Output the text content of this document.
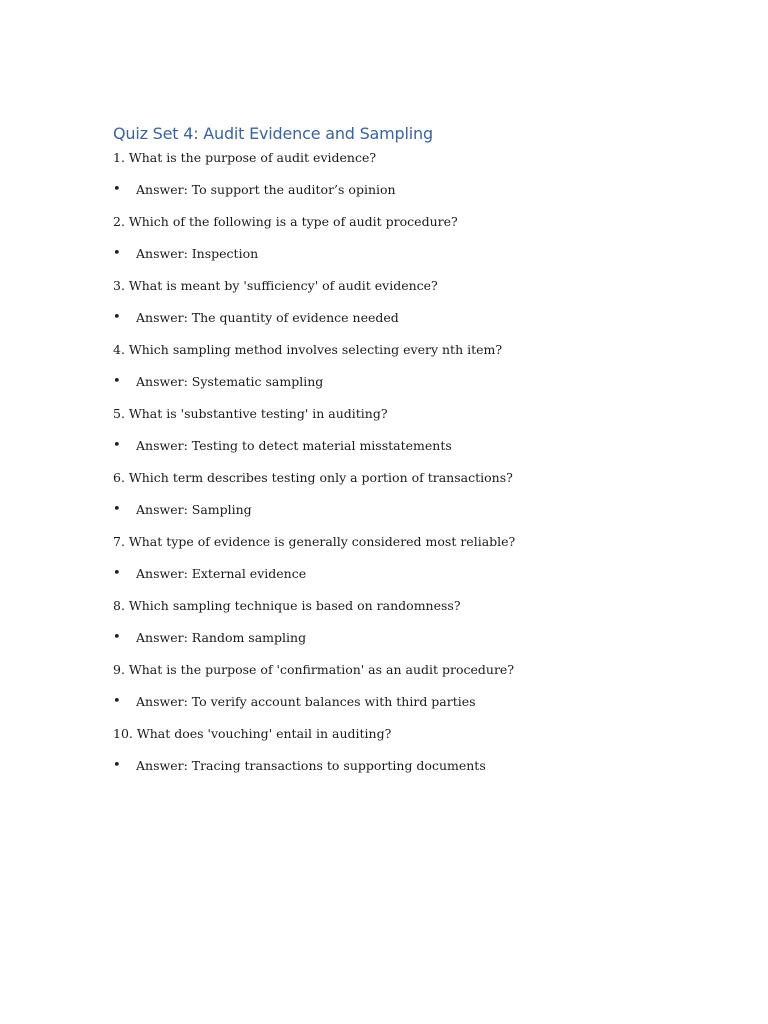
Quiz Set 4: Audit Evidence and Sampling
1. What is the purpose of audit evidence?
•	Answer: To support the auditor’s opinion
2. Which of the following is a type of audit procedure?
•	Answer: Inspection
3. What is meant by 'sufficiency' of audit evidence?
•	Answer: The quantity of evidence needed
4. Which sampling method involves selecting every nth item?
•	Answer: Systematic sampling
5. What is 'substantive testing' in auditing?
•	Answer: Testing to detect material misstatements
6. Which term describes testing only a portion of transactions?
•	Answer: Sampling
7. What type of evidence is generally considered most reliable?
•	Answer: External evidence
8. Which sampling technique is based on randomness?
•	Answer: Random sampling
9. What is the purpose of 'confirmation' as an audit procedure?
•	Answer: To verify account balances with third parties
10. What does 'vouching' entail in auditing?
•	Answer: Tracing transactions to supporting documents
